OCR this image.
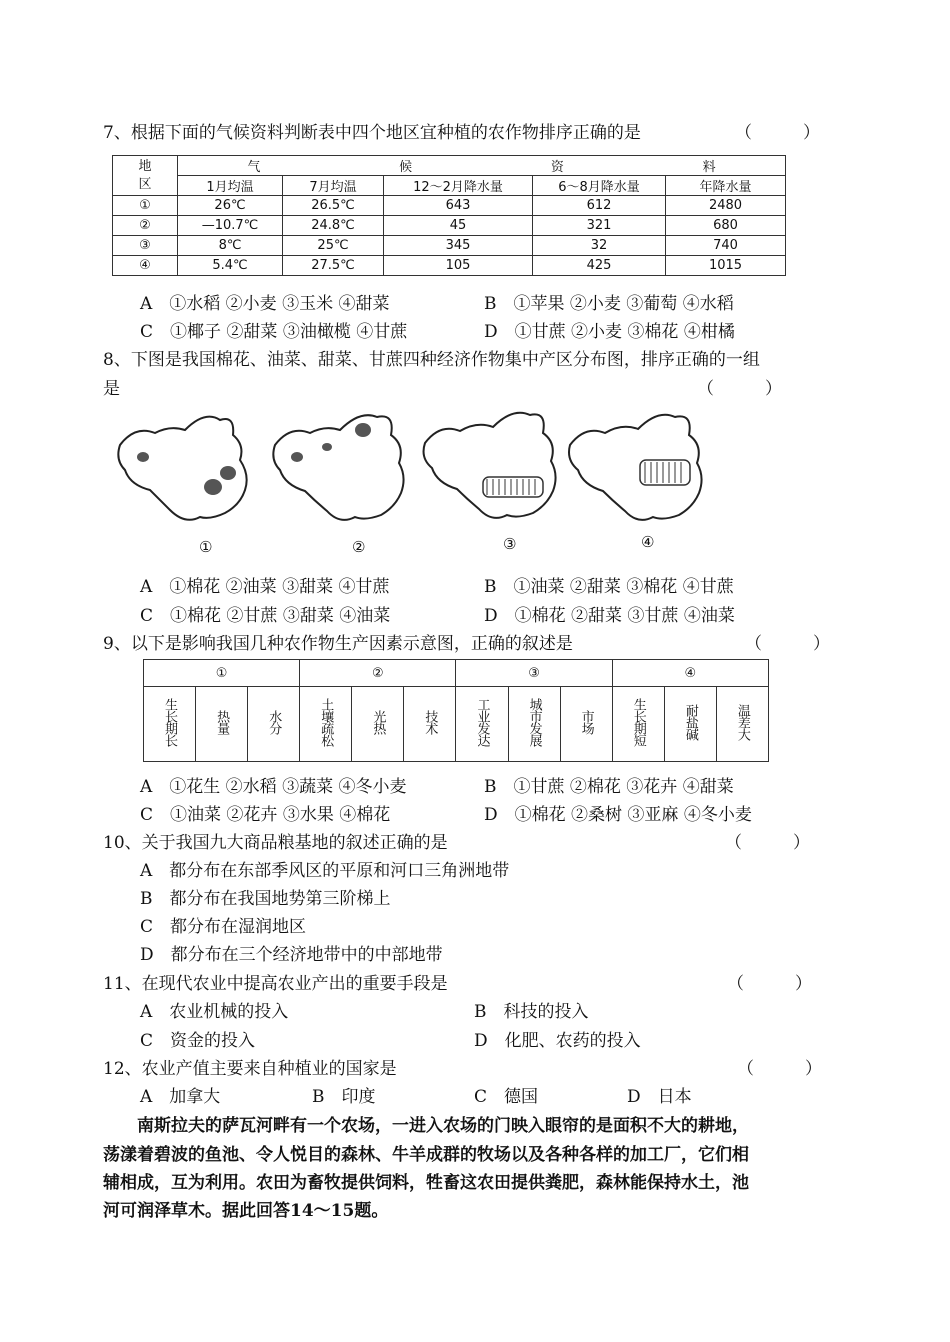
7、根据下面的气候资料判断表中四个地区宜种植的农作物排序正确的是	（　　　）
地
区	气 候 资 料				

	1月均温	7月均温	12～2月降水量	6～8月降水量	年降水量
①	26℃	26.5℃	643	612	2480
②	—10.7℃	24.8℃	45	321	680
③	8℃	25℃	345	32	740
④	5.4℃	27.5℃	105	425	1015
A　①水稻 ②小麦 ③玉米 ④甜菜	B　①苹果 ②小麦 ③葡萄 ④水稻
C　①椰子 ②甜菜 ③油橄榄 ④甘蔗	D　①甘蔗 ②小麦 ③棉花 ④柑橘
8、下图是我国棉花、油菜、甜菜、甘蔗四种经济作物集中产区分布图，排序正确的一组
是	（　　　）
①	②	③	④
A　①棉花 ②油菜 ③甜菜 ④甘蔗	B　①油菜 ②甜菜 ③棉花 ④甘蔗
C　①棉花 ②甘蔗 ③甜菜 ④油菜	D　①棉花 ②甜菜 ③甘蔗 ④油菜
9、以下是影响我国几种农作物生产因素示意图，正确的叙述是	（　　　）
①			②			③			④		
生长期长	热量	水分	土壤疏松	光热	技术	工业发达	城市发展	市场	生长期短	耐盐碱	温差大
A　①花生 ②水稻 ③蔬菜 ④冬小麦	B　①甘蔗 ②棉花 ③花卉 ④甜菜
C　①油菜 ②花卉 ③水果 ④棉花	D　①棉花 ②桑树 ③亚麻 ④冬小麦
10、关于我国九大商品粮基地的叙述正确的是	（　　　）
A　都分布在东部季风区的平原和河口三角洲地带
B　都分布在我国地势第三阶梯上
C　都分布在湿润地区
D　都分布在三个经济地带中的中部地带
11、在现代农业中提高农业产出的重要手段是	（　　　）
A　农业机械的投入	B　科技的投入
C　资金的投入	D　化肥、农药的投入
12、农业产值主要来自种植业的国家是	（　　　）
A　加拿大	B　印度	C　德国	D　日本
南斯拉夫的萨瓦河畔有一个农场，一进入农场的门映入眼帘的是面积不大的耕地，
荡漾着碧波的鱼池、令人悦目的森林、牛羊成群的牧场以及各种各样的加工厂，它们相
辅相成，互为利用。农田为畜牧提供饲料，牲畜这农田提供粪肥，森林能保持水土，池
河可润泽草木。据此回答14～15题。
